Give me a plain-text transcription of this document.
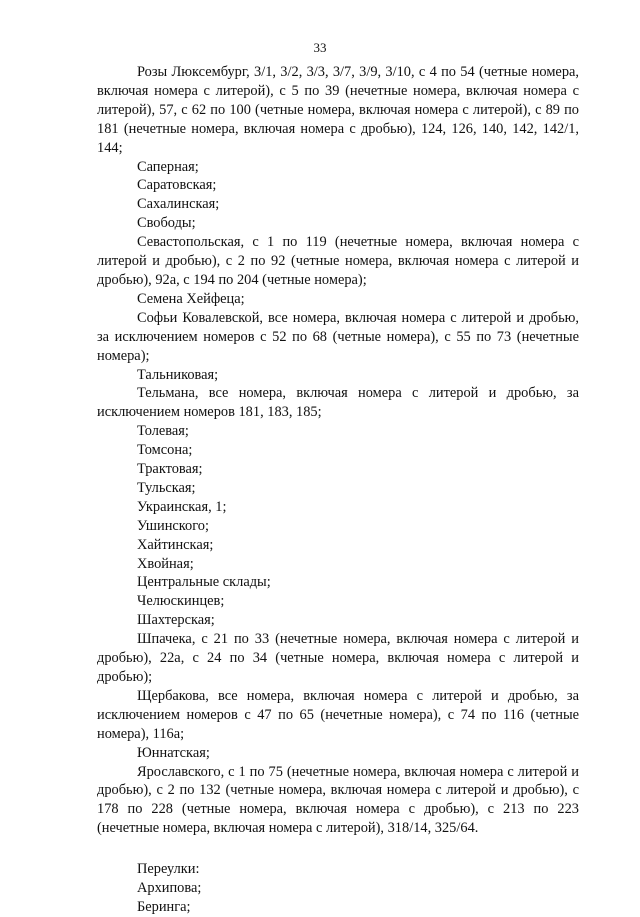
33

Розы Люксембург, 3/1, 3/2, 3/3, 3/7, 3/9, 3/10, с 4 по 54 (четные номера, включая номера с литерой), с 5 по 39 (нечетные номера, включая номера с литерой), 57, с 62 по 100 (четные номера, включая номера с литерой), с 89 по 181 (нечетные номера, включая номера с дробью), 124, 126, 140, 142, 142/1, 144;

Саперная;

Саратовская;

Сахалинская;

Свободы;

Севастопольская, с 1 по 119 (нечетные номера, включая номера с литерой и дробью), с 2 по 92 (четные номера, включая номера с литерой и дробью), 92а, с 194 по 204 (четные номера);

Семена Хейфеца;

Софьи Ковалевской, все номера, включая номера с литерой и дробью, за исключением номеров с 52 по 68 (четные номера), с 55 по 73 (нечетные номера);

Тальниковая;

Тельмана, все номера, включая номера с литерой и дробью, за исключением номеров 181, 183, 185;

Толевая;

Томсона;

Трактовая;

Тульская;

Украинская, 1;

Ушинского;

Хайтинская;

Хвойная;

Центральные склады;

Челюскинцев;

Шахтерская;

Шпачека, с 21 по 33 (нечетные номера, включая номера с литерой и дробью), 22а, с 24 по 34 (четные номера, включая номера с литерой и дробью);

Щербакова, все номера, включая номера с литерой и дробью, за исключением номеров с 47 по 65 (нечетные номера), с 74 по 116 (четные номера), 116а;

Юннатская;

Ярославского, с 1 по 75 (нечетные номера, включая номера с литерой и дробью), с 2 по 132 (четные номера, включая номера с литерой и дробью), с 178 по 228 (четные номера, включая номера с дробью), с 213 по 223 (нечетные номера, включая номера с литерой), 318/14, 325/64.

Переулки:

Архипова;

Беринга;
